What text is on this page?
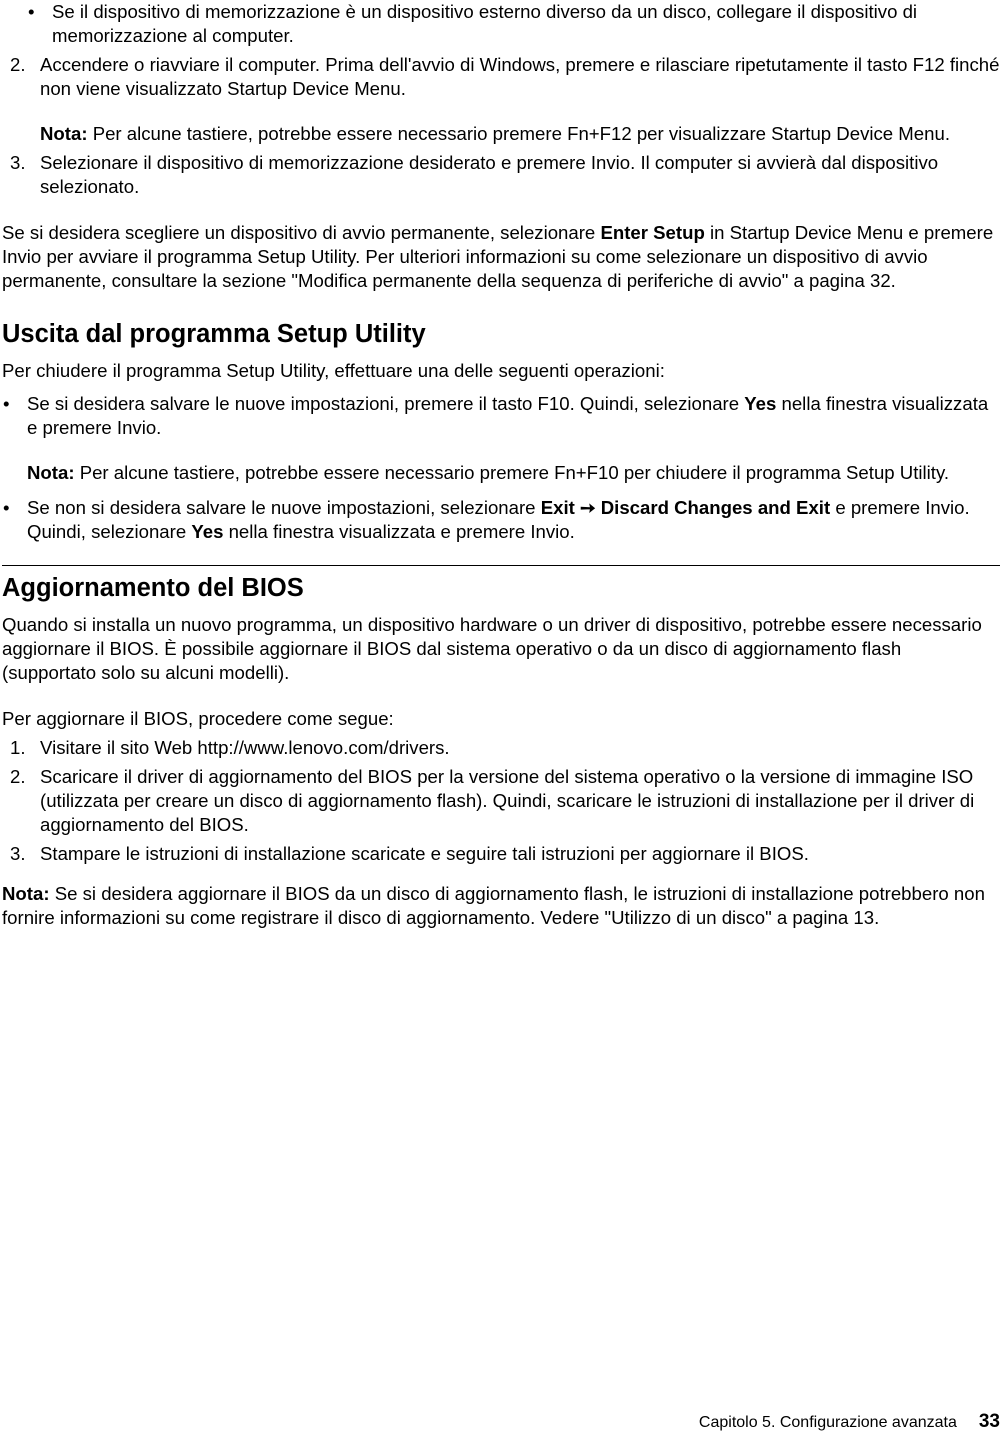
• Se il dispositivo di memorizzazione è un dispositivo esterno diverso da un disco, collegare il dispositivo di memorizzazione al computer.

2. Accendere o riavviare il computer. Prima dell'avvio di Windows, premere e rilasciare ripetutamente il tasto F12 finché non viene visualizzato Startup Device Menu.

Nota: Per alcune tastiere, potrebbe essere necessario premere Fn+F12 per visualizzare Startup Device Menu.

3. Selezionare il dispositivo di memorizzazione desiderato e premere Invio. Il computer si avvierà dal dispositivo selezionato.

Se si desidera scegliere un dispositivo di avvio permanente, selezionare Enter Setup in Startup Device Menu e premere Invio per avviare il programma Setup Utility. Per ulteriori informazioni su come selezionare un dispositivo di avvio permanente, consultare la sezione "Modifica permanente della sequenza di periferiche di avvio" a pagina 32.

Uscita dal programma Setup Utility

Per chiudere il programma Setup Utility, effettuare una delle seguenti operazioni:

• Se si desidera salvare le nuove impostazioni, premere il tasto F10. Quindi, selezionare Yes nella finestra visualizzata e premere Invio.

Nota: Per alcune tastiere, potrebbe essere necessario premere Fn+F10 per chiudere il programma Setup Utility.

• Se non si desidera salvare le nuove impostazioni, selezionare Exit ➙ Discard Changes and Exit e premere Invio. Quindi, selezionare Yes nella finestra visualizzata e premere Invio.

Aggiornamento del BIOS

Quando si installa un nuovo programma, un dispositivo hardware o un driver di dispositivo, potrebbe essere necessario aggiornare il BIOS. È possibile aggiornare il BIOS dal sistema operativo o da un disco di aggiornamento flash (supportato solo su alcuni modelli).

Per aggiornare il BIOS, procedere come segue:

1. Visitare il sito Web http://www.lenovo.com/drivers.

2. Scaricare il driver di aggiornamento del BIOS per la versione del sistema operativo o la versione di immagine ISO (utilizzata per creare un disco di aggiornamento flash). Quindi, scaricare le istruzioni di installazione per il driver di aggiornamento del BIOS.

3. Stampare le istruzioni di installazione scaricate e seguire tali istruzioni per aggiornare il BIOS.

Nota: Se si desidera aggiornare il BIOS da un disco di aggiornamento flash, le istruzioni di installazione potrebbero non fornire informazioni su come registrare il disco di aggiornamento. Vedere "Utilizzo di un disco" a pagina 13.

Capitolo 5. Configurazione avanzata 33
